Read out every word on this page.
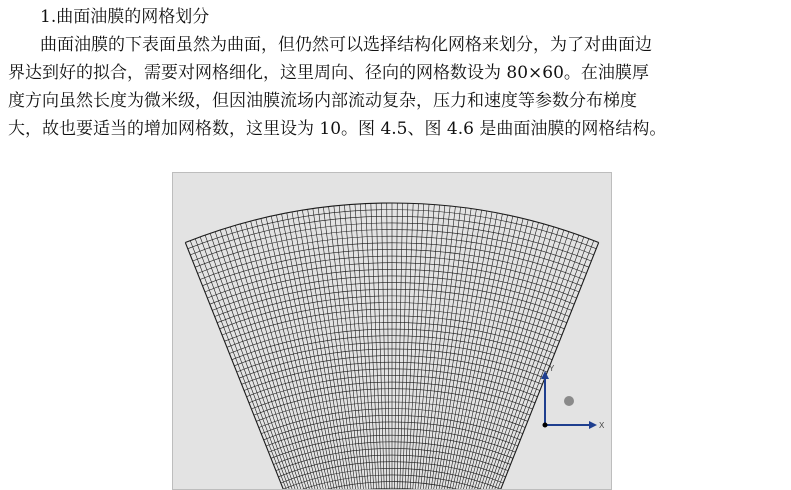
1.曲面油膜的网格划分
曲面油膜的下表面虽然为曲面，但仍然可以选择结构化网格来划分，为了对曲面边
界达到好的拟合，需要对网格细化，这里周向、径向的网格数设为 80×60。在油膜厚
度方向虽然长度为微米级，但因油膜流场内部流动复杂，压力和速度等参数分布梯度
大，故也要适当的增加网格数，这里设为 10。图 4.5、图 4.6 是曲面油膜的网格结构。
Y
X
